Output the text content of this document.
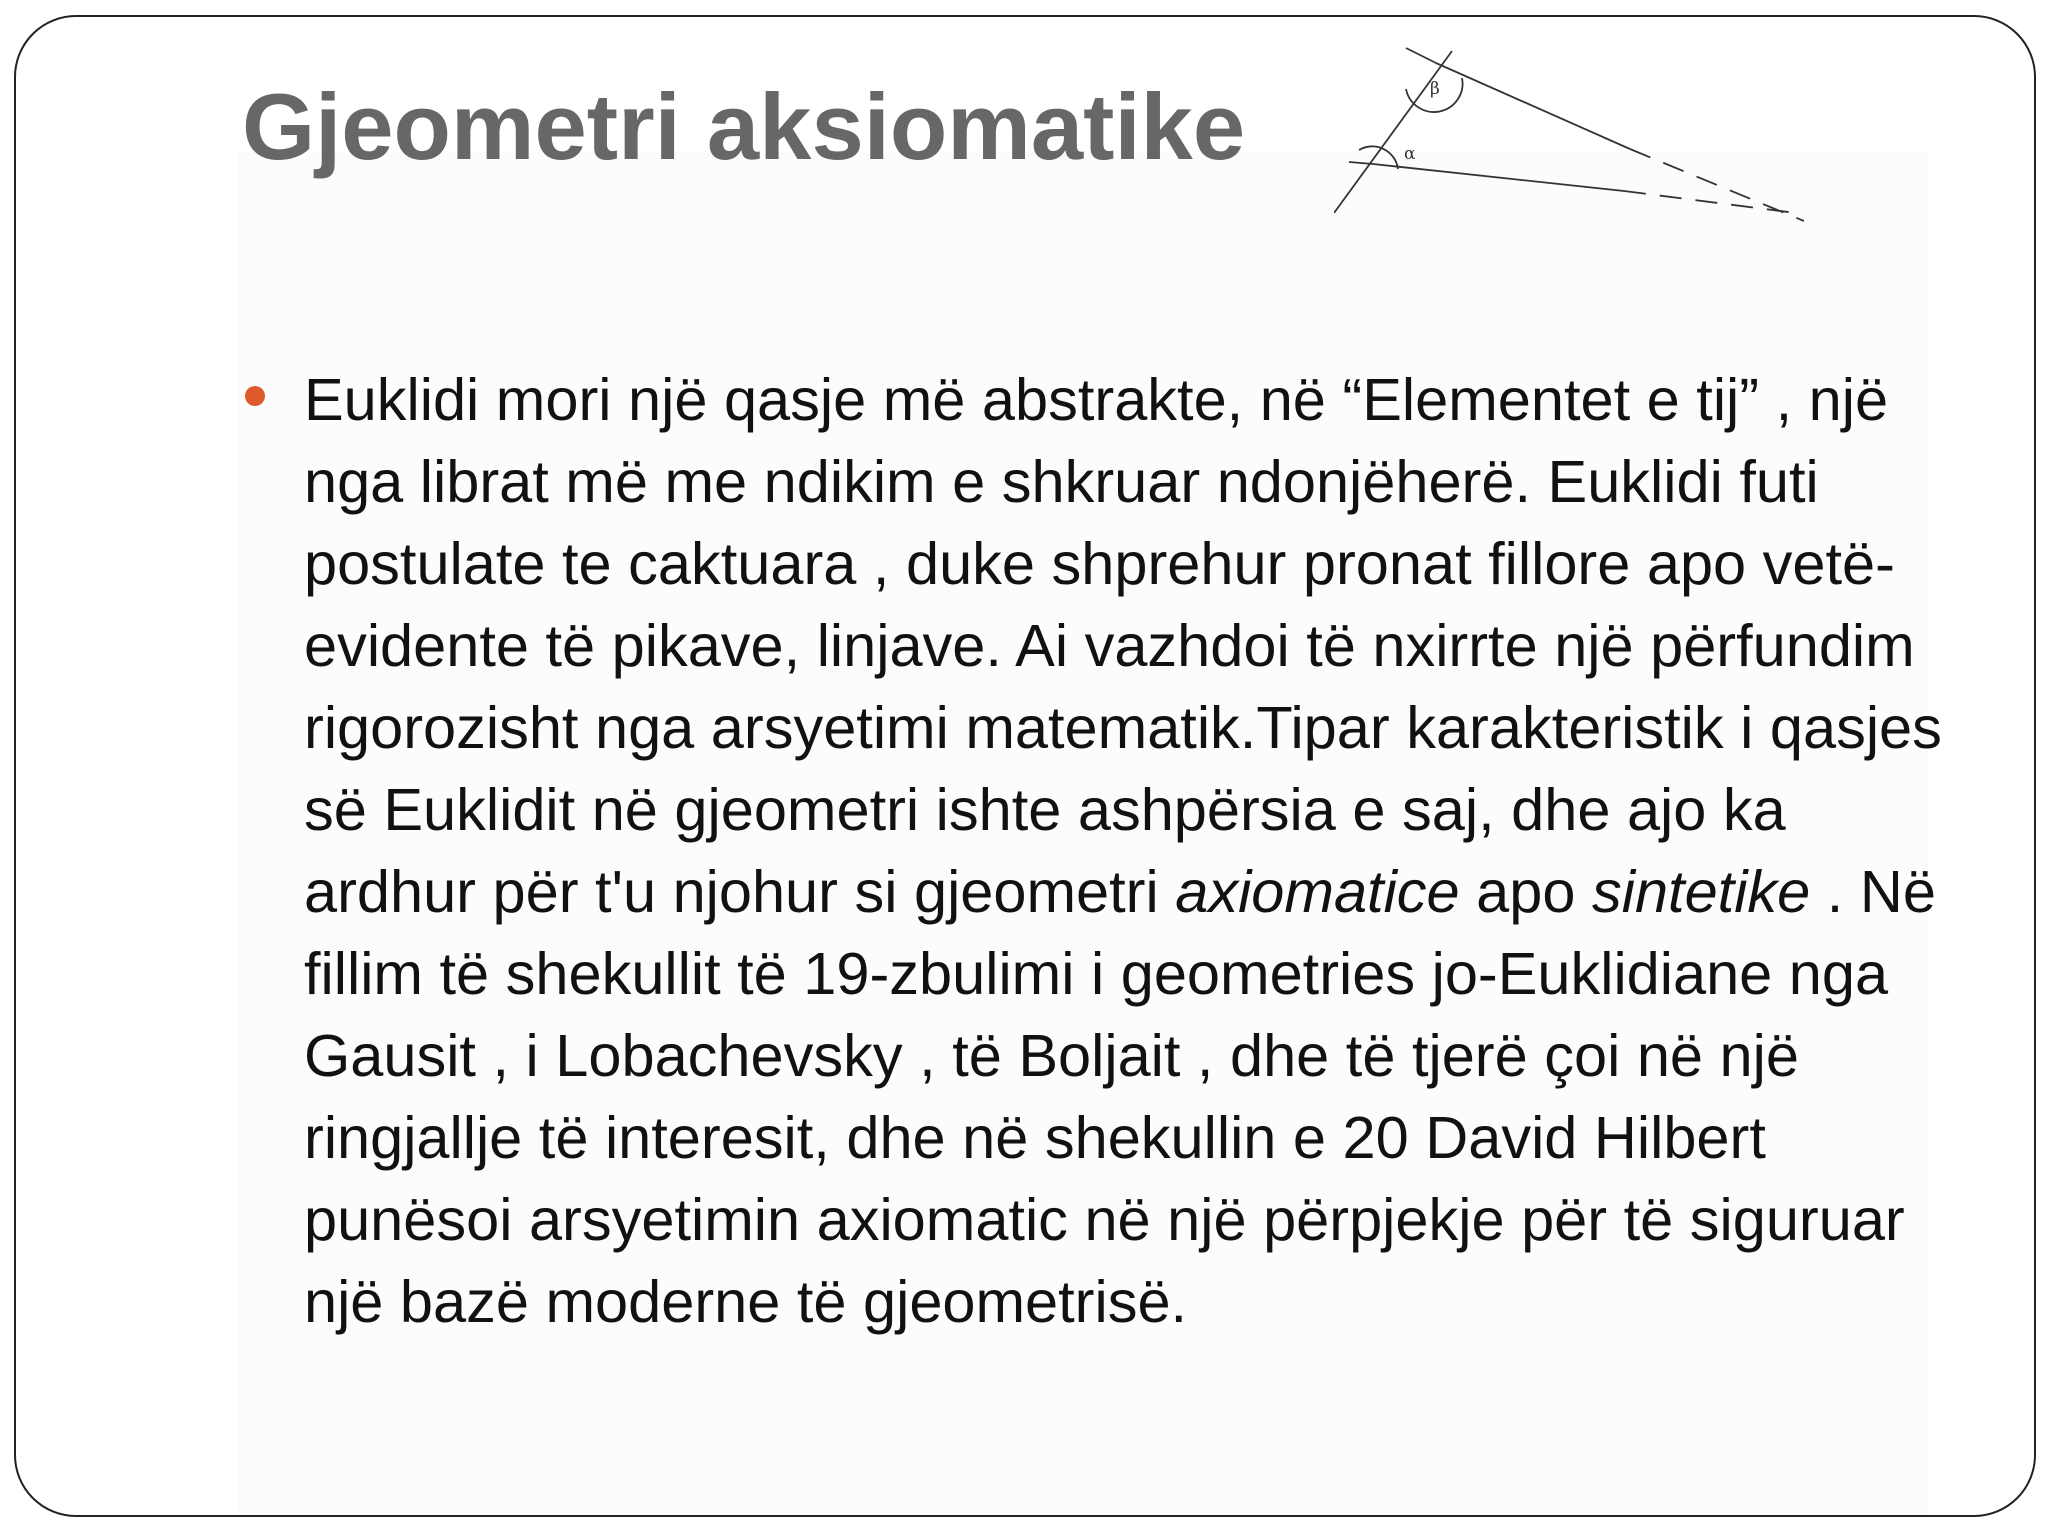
Gjeometri aksiomatike	β
α

Euklidi mori një qasje më abstrakte, në “Elementet e tij” , një nga librat më me ndikim e shkruar ndonjëherë. Euklidi futi postulate te caktuara , duke shprehur pronat fillore apo vetë-evidente të pikave, linjave. Ai vazhdoi të nxirrte një përfundim rigorozisht nga arsyetimi matematik.Tipar karakteristik i qasjes së Euklidit në gjeometri ishte ashpërsia e saj, dhe ajo ka ardhur për t'u njohur si gjeometri axiomatice apo sintetike . Në fillim të shekullit të 19-zbulimi i geometries jo-Euklidiane nga Gausit , i Lobachevsky , të Boljait , dhe të tjerë çoi në një ringjallje të interesit, dhe në shekullin e 20 David Hilbert punësoi arsyetimin axiomatic në një përpjekje për të siguruar një bazë moderne të gjeometrisë.
